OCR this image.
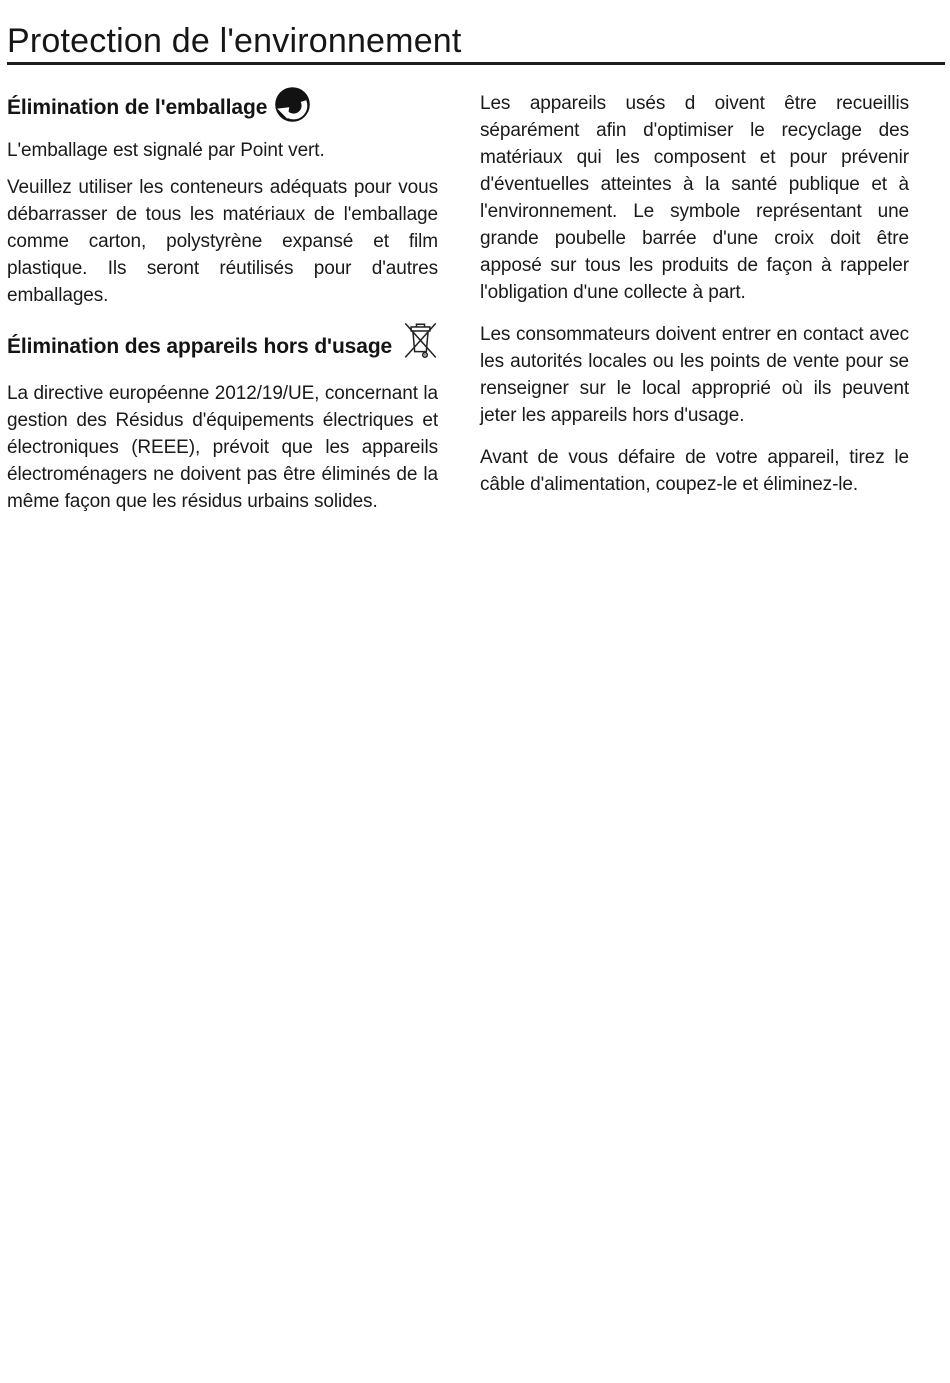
Protection de l'environnement
Élimination de l'emballage

L'emballage est signalé par Point vert.

Veuillez utiliser les conteneurs adéquats pour vous débarrasser de tous les matériaux de l'emballage comme carton, polystyrène expansé et film plastique. Ils seront réutilisés pour d'autres emballages.

Élimination des appareils hors d'usage

La directive européenne 2012/19/UE, concernant la gestion des Résidus d'équipements électriques et électroniques (REEE), prévoit que les appareils électroménagers ne doivent pas être éliminés de la même façon que les résidus urbains solides.

Les appareils usés d oivent être recueillis séparément afin d'optimiser le recyclage des matériaux qui les composent et pour prévenir d'éventuelles atteintes à la santé publique et à l'environnement. Le symbole représentant une grande poubelle barrée d'une croix doit être apposé sur tous les produits de façon à rappeler l'obligation d'une collecte à part.

Les consommateurs doivent entrer en contact avec les autorités locales ou les points de vente pour se renseigner sur le local approprié où ils peuvent jeter les appareils hors d'usage.

Avant de vous défaire de votre appareil, tirez le câble d'alimentation, coupez-le et éliminez-le.
